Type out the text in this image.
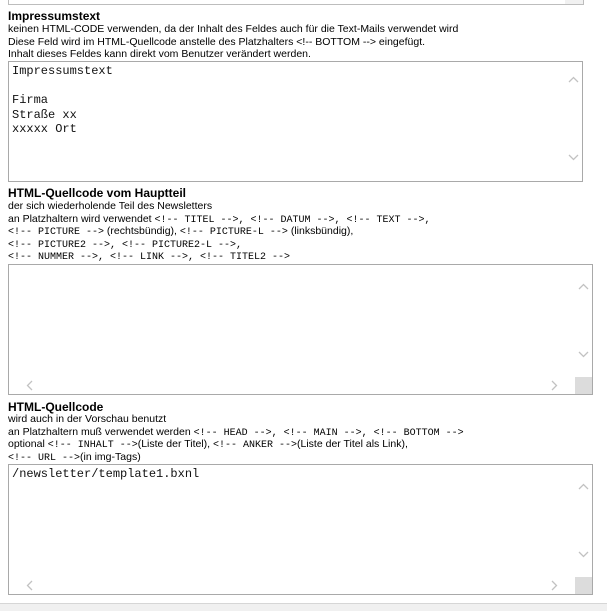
Impressumstext
keinen HTML-CODE verwenden, da der Inhalt des Feldes auch für die Text-Mails verwendet wird
Diese Feld wird im HTML-Quellcode anstelle des Platzhalters <!-- BOTTOM --> eingefügt.
Inhalt dieses Feldes kann direkt vom Benutzer verändert werden.
Impressumstext

Firma
Straße xx
xxxxx Ort
HTML-Quellcode vom Hauptteil
der sich wiederholende Teil des Newsletters
an Platzhaltern wird verwendet <!-- TITEL -->, <!-- DATUM -->, <!-- TEXT -->,
<!-- PICTURE --> (rechtsbündig), <!-- PICTURE-L --> (linksbündig),
<!-- PICTURE2 -->, <!-- PICTURE2-L -->,
<!-- NUMMER -->, <!-- LINK -->, <!-- TITEL2 -->
HTML-Quellcode
wird auch in der Vorschau benutzt
an Platzhaltern muß verwendet werden <!-- HEAD -->, <!-- MAIN -->, <!-- BOTTOM -->
optional <!-- INHALT -->(Liste der Titel), <!-- ANKER -->(Liste der Titel als Link),
<!-- URL -->(in img-Tags)
/newsletter/template1.bxnl
